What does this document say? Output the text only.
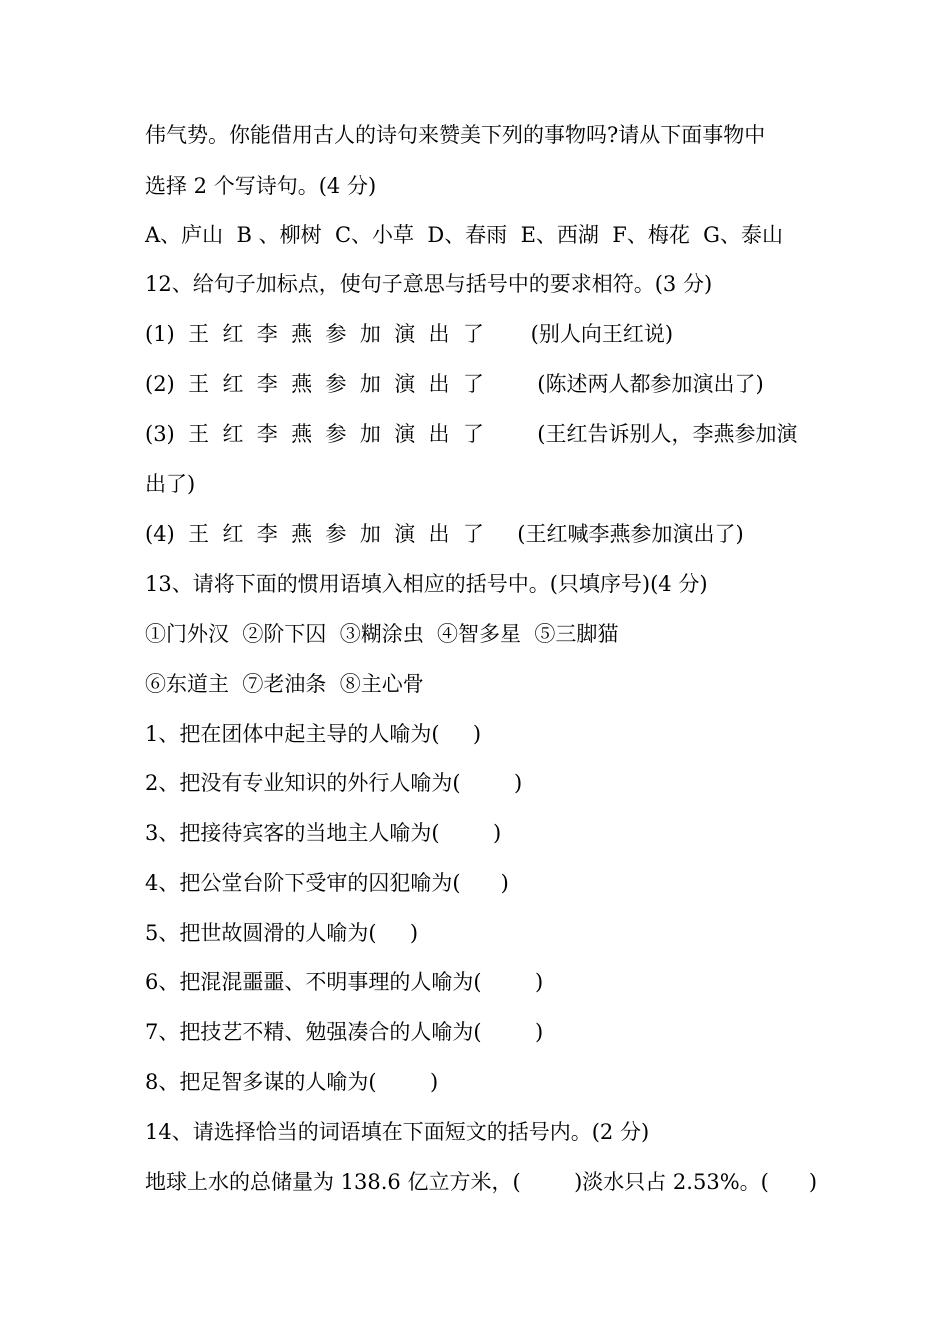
伟气势。你能借用古人的诗句来赞美下列的事物吗?请从下面事物中
选择 2 个写诗句。(4 分)
A、庐山  B 、柳树  C、小草  D、春雨  E、西湖  F、梅花  G、泰山
12、给句子加标点，使句子意思与括号中的要求相符。(3 分)
(1)  王  红  李  燕  参  加  演  出  了       (别人向王红说)
(2)  王  红  李  燕  参  加  演  出  了        (陈述两人都参加演出了)
(3)  王  红  李  燕  参  加  演  出  了        (王红告诉别人，李燕参加演
出了)
(4)  王  红  李  燕  参  加  演  出  了     (王红喊李燕参加演出了)
13、请将下面的惯用语填入相应的括号中。(只填序号)(4 分)
①门外汉  ②阶下囚  ③糊涂虫  ④智多星  ⑤三脚猫
⑥东道主  ⑦老油条  ⑧主心骨
1、把在团体中起主导的人喻为(     )
2、把没有专业知识的外行人喻为(        )
3、把接待宾客的当地主人喻为(        )
4、把公堂台阶下受审的囚犯喻为(      )
5、把世故圆滑的人喻为(     )
6、把混混噩噩、不明事理的人喻为(        )
7、把技艺不精、勉强凑合的人喻为(        )
8、把足智多谋的人喻为(        )
14、请选择恰当的词语填在下面短文的括号内。(2 分)
地球上水的总储量为 138.6 亿立方米，(        )淡水只占 2.53%。(      )
